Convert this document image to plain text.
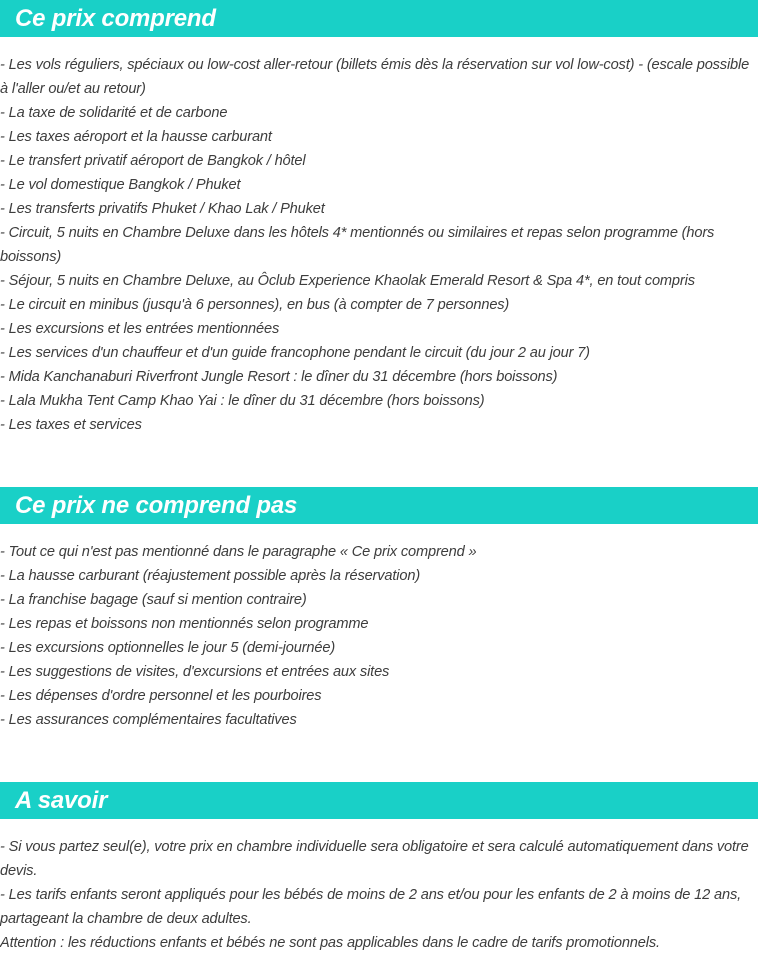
Ce prix comprend
- Les vols réguliers, spéciaux ou low-cost aller-retour (billets émis dès la réservation sur vol low-cost) - (escale possible à l'aller ou/et au retour)
- La taxe de solidarité et de carbone
- Les taxes aéroport et la hausse carburant
- Le transfert privatif aéroport de Bangkok / hôtel
- Le vol domestique Bangkok / Phuket
- Les transferts privatifs Phuket / Khao Lak / Phuket
- Circuit, 5 nuits en Chambre Deluxe dans les hôtels 4* mentionnés ou similaires et repas selon programme (hors boissons)
- Séjour, 5 nuits en Chambre Deluxe, au Ôclub Experience Khaolak Emerald Resort & Spa 4*, en tout compris
- Le circuit en minibus (jusqu'à 6 personnes), en bus (à compter de 7 personnes)
- Les excursions et les entrées mentionnées
- Les services d'un chauffeur et d'un guide francophone pendant le circuit (du jour 2 au jour 7)
- Mida Kanchanaburi Riverfront Jungle Resort : le dîner du 31 décembre (hors boissons)
- Lala Mukha Tent Camp Khao Yai : le dîner du 31 décembre (hors boissons)
- Les taxes et services
Ce prix ne comprend pas
- Tout ce qui n'est pas mentionné dans le paragraphe « Ce prix comprend »
- La hausse carburant (réajustement possible après la réservation)
- La franchise bagage (sauf si mention contraire)
- Les repas et boissons non mentionnés selon programme
- Les excursions optionnelles le jour 5 (demi-journée)
- Les suggestions de visites, d'excursions et entrées aux sites
- Les dépenses d'ordre personnel et les pourboires
- Les assurances complémentaires facultatives
A savoir
- Si vous partez seul(e), votre prix en chambre individuelle sera obligatoire et sera calculé automatiquement dans votre devis.
- Les tarifs enfants seront appliqués pour les bébés de moins de 2 ans et/ou pour les enfants de 2 à moins de 12 ans, partageant la chambre de deux adultes.
Attention : les réductions enfants et bébés ne sont pas applicables dans le cadre de tarifs promotionnels.
